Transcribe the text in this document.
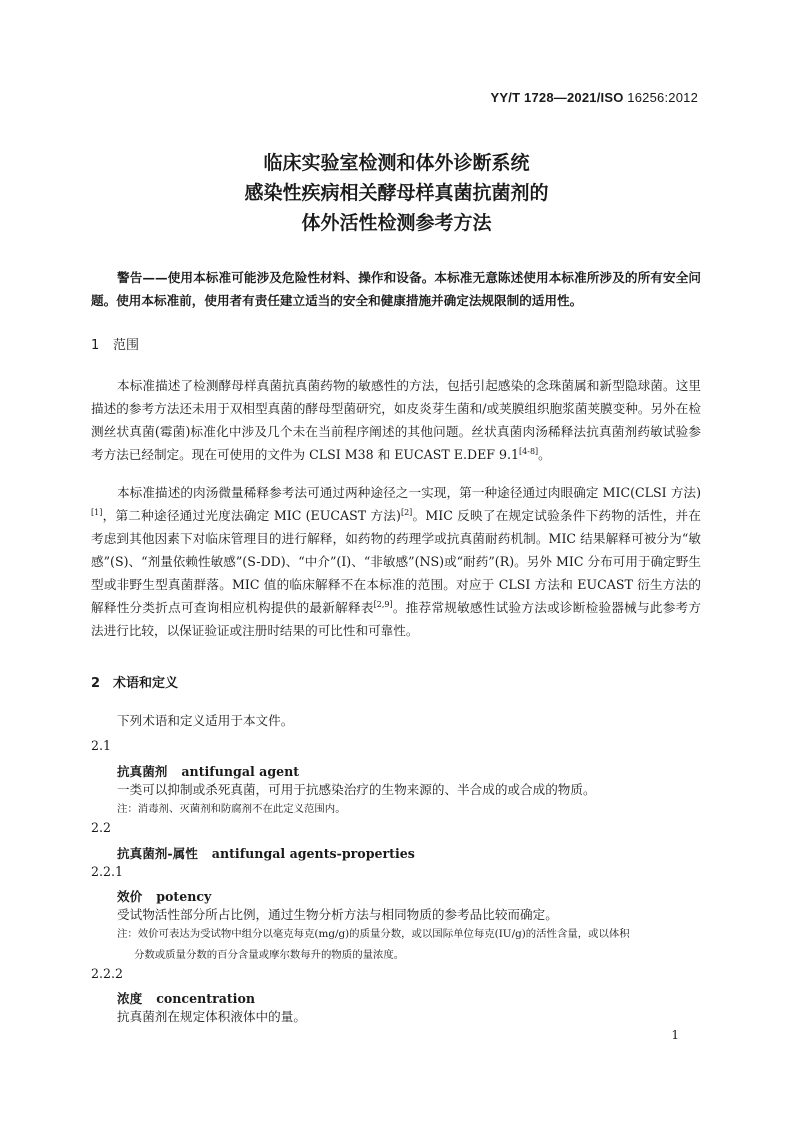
YY/T 1728—2021/ISO 16256:2012
临床实验室检测和体外诊断系统
感染性疾病相关酵母样真菌抗菌剂的
体外活性检测参考方法
警告——使用本标准可能涉及危险性材料、操作和设备。本标准无意陈述使用本标准所涉及的所有安全问题。使用本标准前，使用者有责任建立适当的安全和健康措施并确定法规限制的适用性。
1 范围
本标准描述了检测酵母样真菌抗真菌药物的敏感性的方法，包括引起感染的念珠菌属和新型隐球菌。这里描述的参考方法还未用于双相型真菌的酵母型菌研究，如皮炎芽生菌和/或荚膜组织胞浆菌荚膜变种。另外在检测丝状真菌(霉菌)标准化中涉及几个未在当前程序阐述的其他问题。丝状真菌肉汤稀释法抗真菌剂药敏试验参考方法已经制定。现在可使用的文件为 CLSI M38 和 EUCAST E.DEF 9.1[4-8]。
本标准描述的肉汤微量稀释参考法可通过两种途径之一实现，第一种途径通过肉眼确定 MIC(CLSI 方法)[1]，第二种途径通过光度法确定 MIC (EUCAST 方法)[2]。MIC 反映了在规定试验条件下药物的活性，并在考虑到其他因素下对临床管理目的进行解释，如药物的药理学或抗真菌耐药机制。MIC 结果解释可被分为“敏感”(S)、“剂量依赖性敏感”(S-DD)、“中介”(I)、“非敏感”(NS)或“耐药”(R)。另外 MIC 分布可用于确定野生型或非野生型真菌群落。MIC 值的临床解释不在本标准的范围。对应于 CLSI 方法和 EUCAST 衍生方法的解释性分类折点可查询相应机构提供的最新解释表[2,9]。推荐常规敏感性试验方法或诊断检验器械与此参考方法进行比较，以保证验证或注册时结果的可比性和可靠性。
2 术语和定义
下列术语和定义适用于本文件。
2.1
抗真菌剂 antifungal agent
一类可以抑制或杀死真菌，可用于抗感染治疗的生物来源的、半合成的或合成的物质。
注：消毒剂、灭菌剂和防腐剂不在此定义范围内。
2.2
抗真菌剂-属性 antifungal agents-properties
2.2.1
效价 potency
受试物活性部分所占比例，通过生物分析方法与相同物质的参考品比较而确定。
注：效价可表达为受试物中组分以毫克每克(mg/g)的质量分数，或以国际单位每克(IU/g)的活性含量，或以体积
分数或质量分数的百分含量或摩尔数每升的物质的量浓度。
2.2.2
浓度 concentration
抗真菌剂在规定体积液体中的量。
1
